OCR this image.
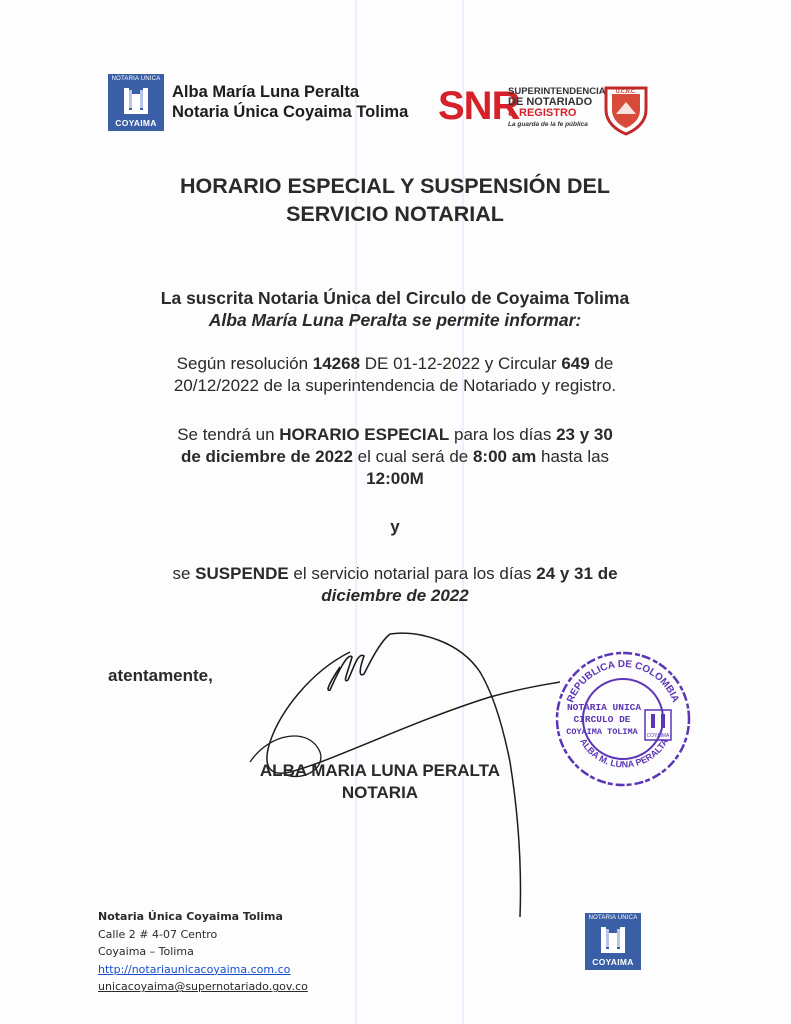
NOTARIA UNICA
COYAIMA
Alba María Luna Peralta
Notaria Única Coyaima Tolima SNR
SUPERINTENDENCIA
DE NOTARIADO
& REGISTRO
La guarda de la fe pública
U.C.N.C.
HORARIO ESPECIAL Y SUSPENSIÓN DEL
SERVICIO NOTARIAL
La suscrita Notaria Única del Circulo de Coyaima Tolima
Alba María Luna Peralta se permite informar:
Según resolución 14268 DE 01-12-2022 y Circular 649 de
20/12/2022 de la superintendencia de Notariado y registro.
Se tendrá un HORARIO ESPECIAL para los días 23 y 30
de diciembre de 2022 el cual será de 8:00 am hasta las
12:00M
y
se SUSPENDE el servicio notarial para los días 24 y 31 de
diciembre de 2022
atentamente,
ALBA MARIA LUNA PERALTA
NOTARIA
REPUBLICA DE COLOMBIA
ALBA M. LUNA PERALTA
NOTARIA UNICA
CIRCULO DE
COYAIMA TOLIMA COYAIMA
Notaria Única Coyaima Tolima
Calle 2 # 4-07 Centro
Coyaima – Tolima
http://notariaunicacoyaima.com.co
unicacoyaima@supernotariado.gov.co
NOTARIA UNICA
COYAIMA
